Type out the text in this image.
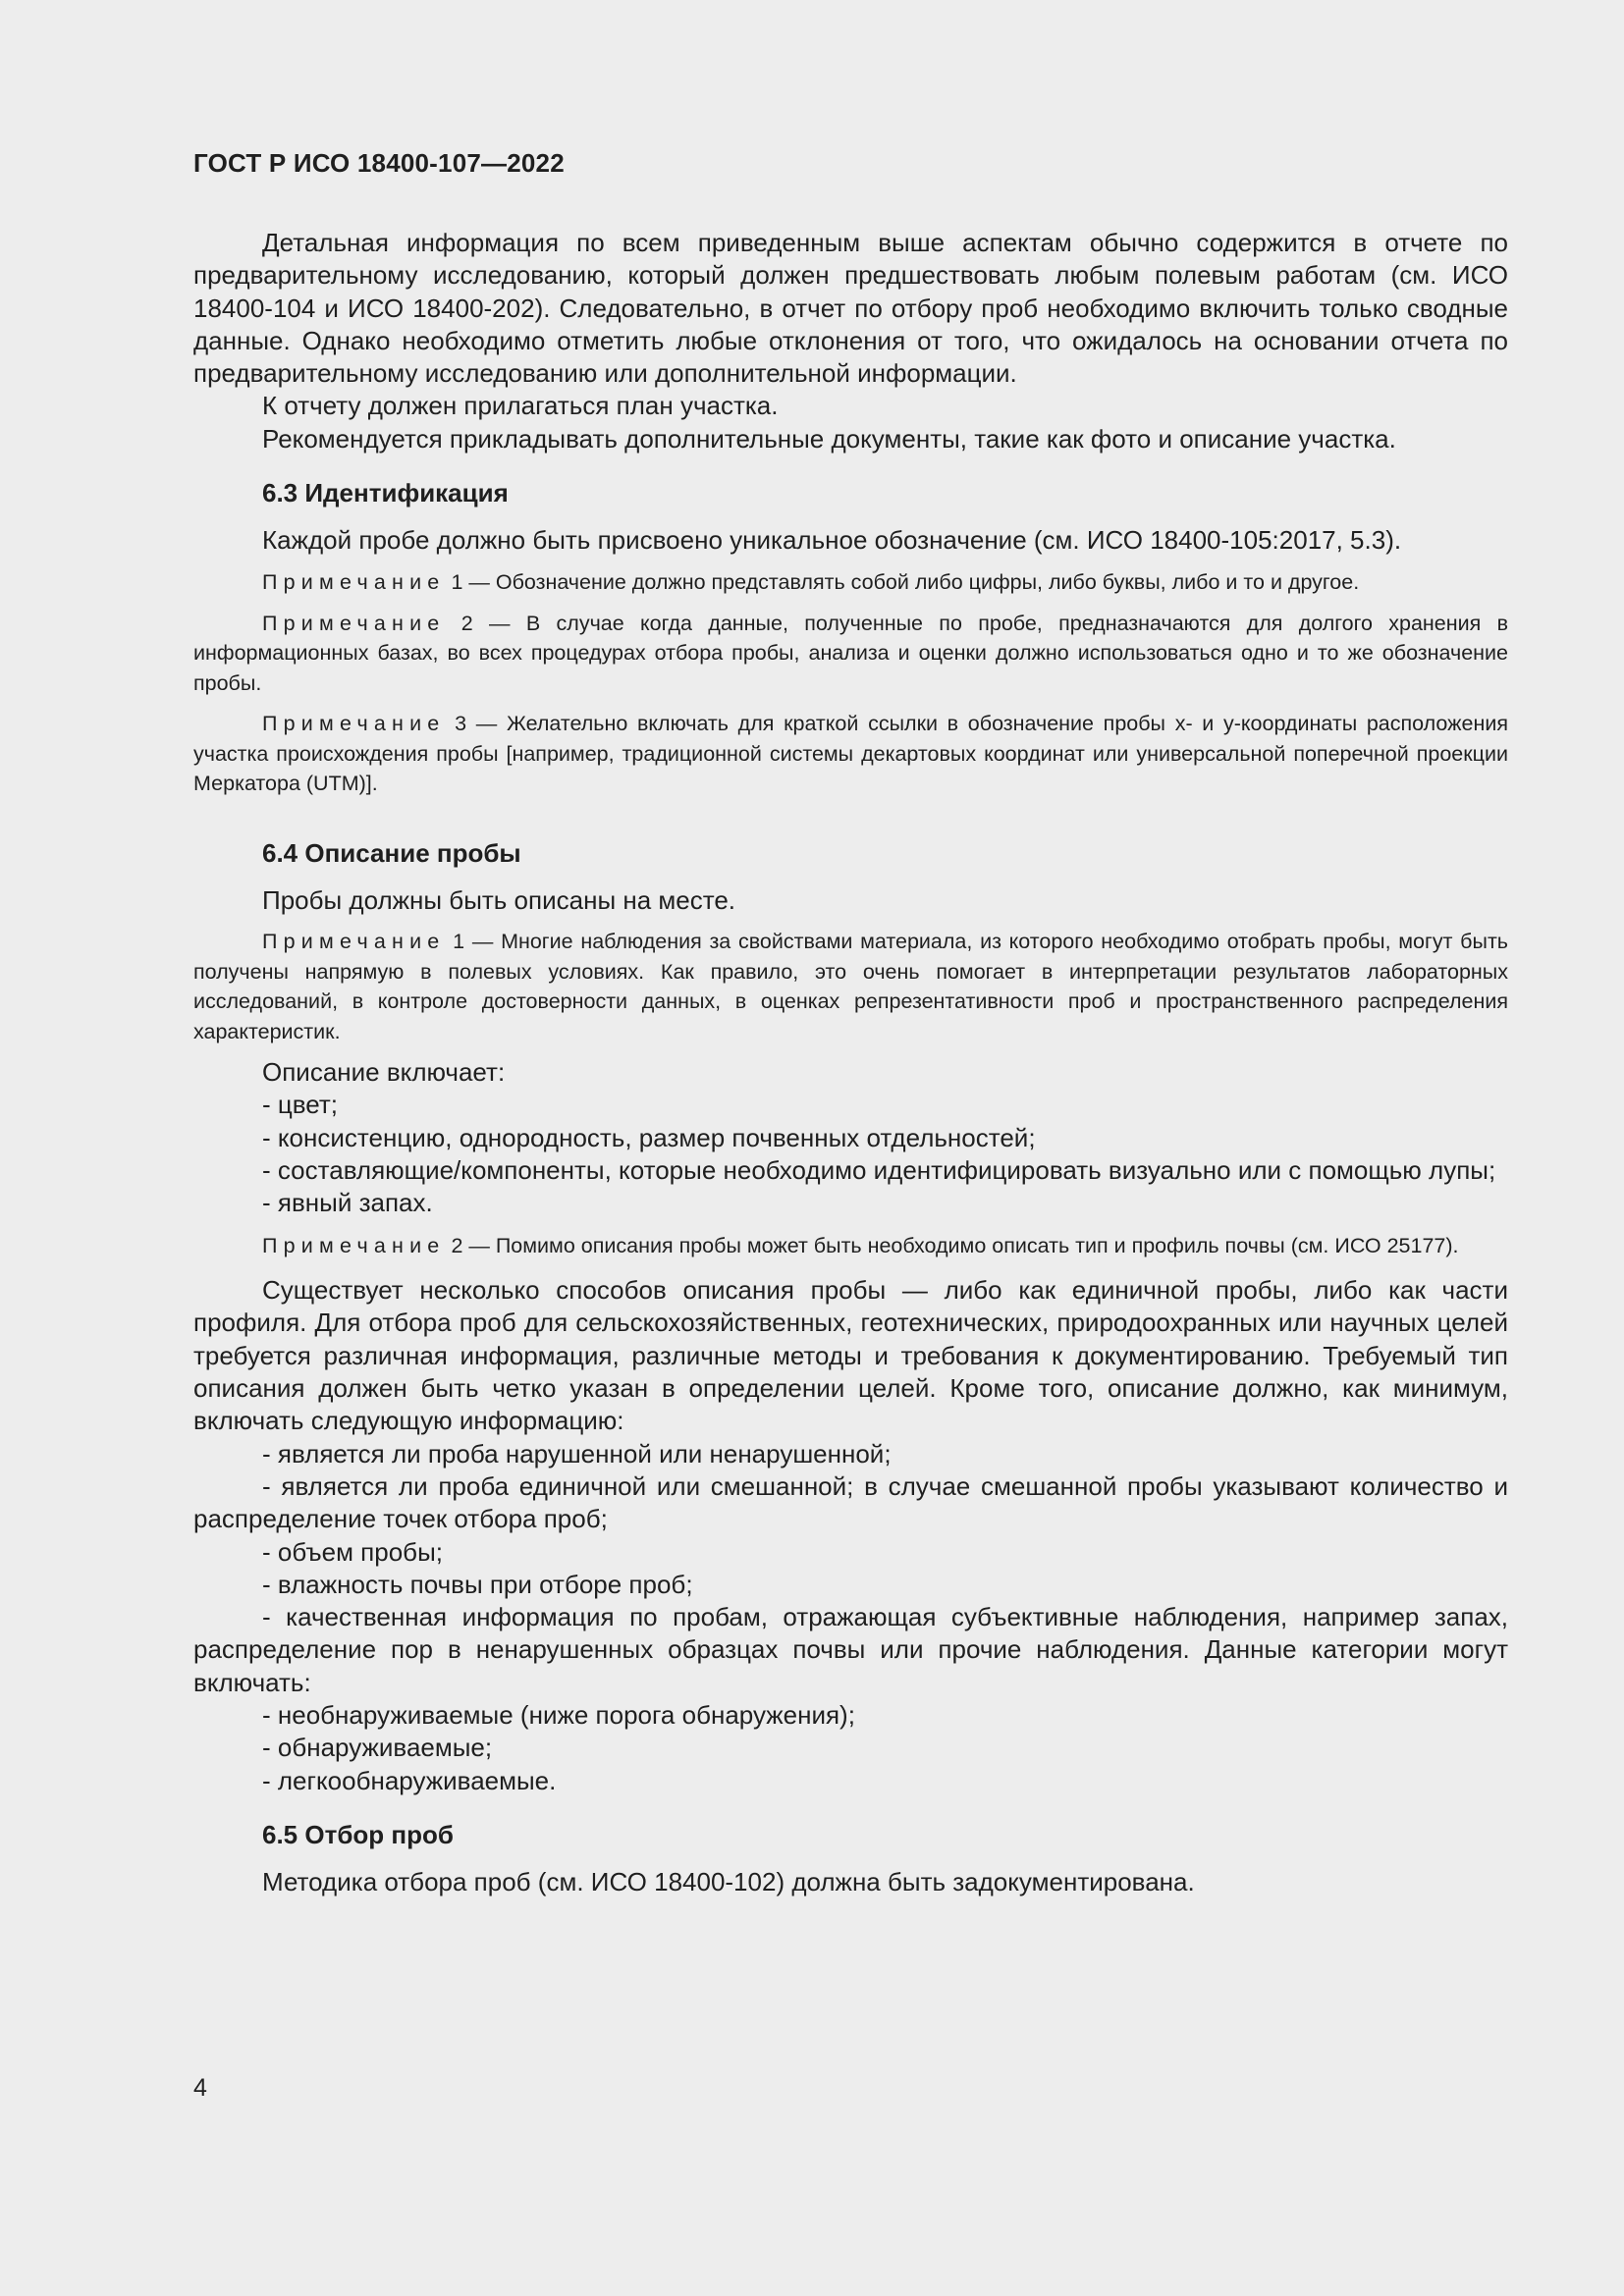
ГОСТ Р ИСО 18400-107—2022

Детальная информация по всем приведенным выше аспектам обычно содержится в отчете по предварительному исследованию, который должен предшествовать любым полевым работам (см. ИСО 18400-104 и ИСО 18400-202). Следовательно, в отчет по отбору проб необходимо включить только сводные данные. Однако необходимо отметить любые отклонения от того, что ожидалось на основании отчета по предварительному исследованию или дополнительной информации.

К отчету должен прилагаться план участка.

Рекомендуется прикладывать дополнительные документы, такие как фото и описание участка.

6.3 Идентификация

Каждой пробе должно быть присвоено уникальное обозначение (см. ИСО 18400-105:2017, 5.3).

Примечание 1 — Обозначение должно представлять собой либо цифры, либо буквы, либо и то и другое.

Примечание 2 — В случае когда данные, полученные по пробе, предназначаются для долгого хранения в информационных базах, во всех процедурах отбора пробы, анализа и оценки должно использоваться одно и то же обозначение пробы.

Примечание 3 — Желательно включать для краткой ссылки в обозначение пробы x- и y-координаты расположения участка происхождения пробы [например, традиционной системы декартовых координат или универсальной поперечной проекции Меркатора (UTM)].

6.4 Описание пробы

Пробы должны быть описаны на месте.

Примечание 1 — Многие наблюдения за свойствами материала, из которого необходимо отобрать пробы, могут быть получены напрямую в полевых условиях. Как правило, это очень помогает в интерпретации результатов лабораторных исследований, в контроле достоверности данных, в оценках репрезентативности проб и пространственного распределения характеристик.

Описание включает:

- цвет;

- консистенцию, однородность, размер почвенных отдельностей;

- составляющие/компоненты, которые необходимо идентифицировать визуально или с помощью лупы;

- явный запах.

Примечание 2 — Помимо описания пробы может быть необходимо описать тип и профиль почвы (см. ИСО 25177).

Существует несколько способов описания пробы — либо как единичной пробы, либо как части профиля. Для отбора проб для сельскохозяйственных, геотехнических, природоохранных или научных целей требуется различная информация, различные методы и требования к документированию. Требуемый тип описания должен быть четко указан в определении целей. Кроме того, описание должно, как минимум, включать следующую информацию:

- является ли проба нарушенной или ненарушенной;

- является ли проба единичной или смешанной; в случае смешанной пробы указывают количество и распределение точек отбора проб;

- объем пробы;

- влажность почвы при отборе проб;

- качественная информация по пробам, отражающая субъективные наблюдения, например запах, распределение пор в ненарушенных образцах почвы или прочие наблюдения. Данные категории могут включать:

- необнаруживаемые (ниже порога обнаружения);

- обнаруживаемые;

- легкообнаруживаемые.

6.5 Отбор проб

Методика отбора проб (см. ИСО 18400-102) должна быть задокументирована.

4
